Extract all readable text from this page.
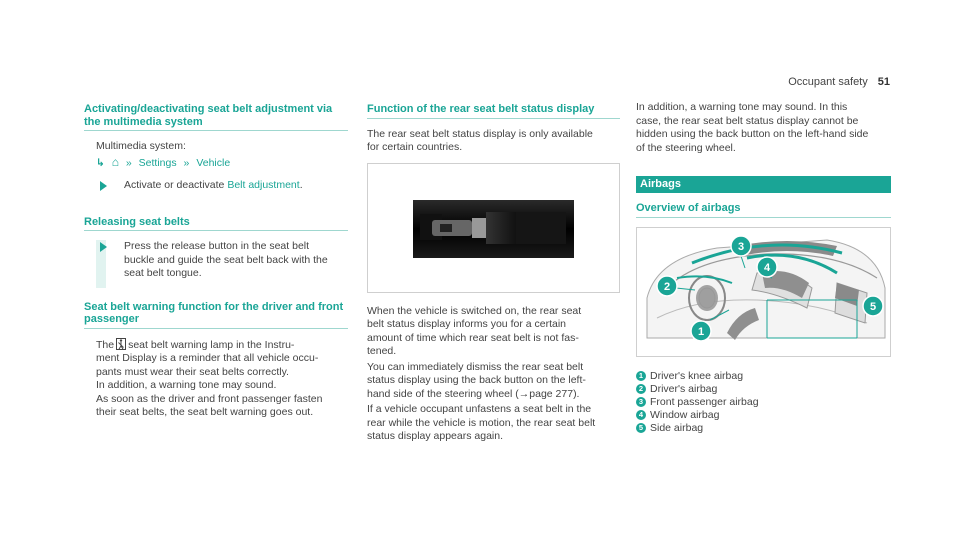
Occupant safety 51
Activating/deactivating seat belt adjustment via
the multimedia system
Multimedia system:
↳ ⌂ » Settings » Vehicle
Activate or deactivate Belt adjustment.
Releasing seat belts
Press the release button in the seat belt
buckle and guide the seat belt back with the
seat belt tongue.
Seat belt warning function for the driver and front
passenger
The seat belt warning lamp in the Instru-
ment Display is a reminder that all vehicle occu-
pants must wear their seat belts correctly.
In addition, a warning tone may sound.
As soon as the driver and front passenger fasten
their seat belts, the seat belt warning goes out.
Function of the rear seat belt status display
The rear seat belt status display is only available
for certain countries.
When the vehicle is switched on, the rear seat
belt status display informs you for a certain
amount of time which rear seat belt is not fas-
tened.
You can immediately dismiss the rear seat belt
status display using the back button on the left-
hand side of the steering wheel (→page 277).
If a vehicle occupant unfastens a seat belt in the
rear while the vehicle is motion, the rear seat belt
status display appears again.
In addition, a warning tone may sound. In this
case, the rear seat belt status display cannot be
hidden using the back button on the left-hand side
of the steering wheel.
Airbags
Overview of airbags
1
2
3
4
5
1 Driver's knee airbag
2 Driver's airbag
3 Front passenger airbag
4 Window airbag
5 Side airbag
